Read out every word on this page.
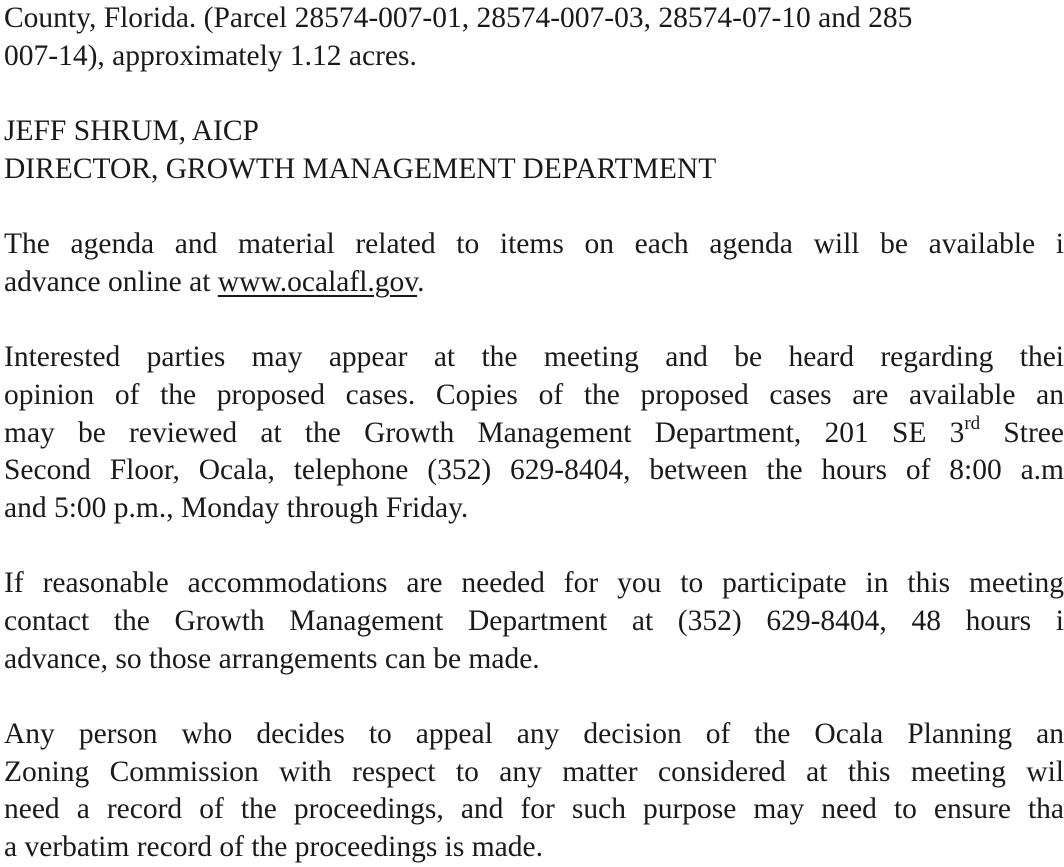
County, Florida. (Parcel 28574-007-01, 28574-007-03, 28574-07-10 and 285
007-14), approximately 1.12 acres.
JEFF SHRUM, AICP
DIRECTOR, GROWTH MANAGEMENT DEPARTMENT
The agenda and material related to items on each agenda will be available i
advance online at www.ocalafl.gov.
Interested parties may appear at the meeting and be heard regarding thei
opinion of the proposed cases. Copies of the proposed cases are available an
may be reviewed at the Growth Management Department, 201 SE 3rd Stree
Second Floor, Ocala, telephone (352) 629-8404, between the hours of 8:00 a.m
and 5:00 p.m., Monday through Friday.
If reasonable accommodations are needed for you to participate in this meeting
contact the Growth Management Department at (352) 629-8404, 48 hours i
advance, so those arrangements can be made.
Any person who decides to appeal any decision of the Ocala Planning an
Zoning Commission with respect to any matter considered at this meeting wil
need a record of the proceedings, and for such purpose may need to ensure tha
a verbatim record of the proceedings is made.
